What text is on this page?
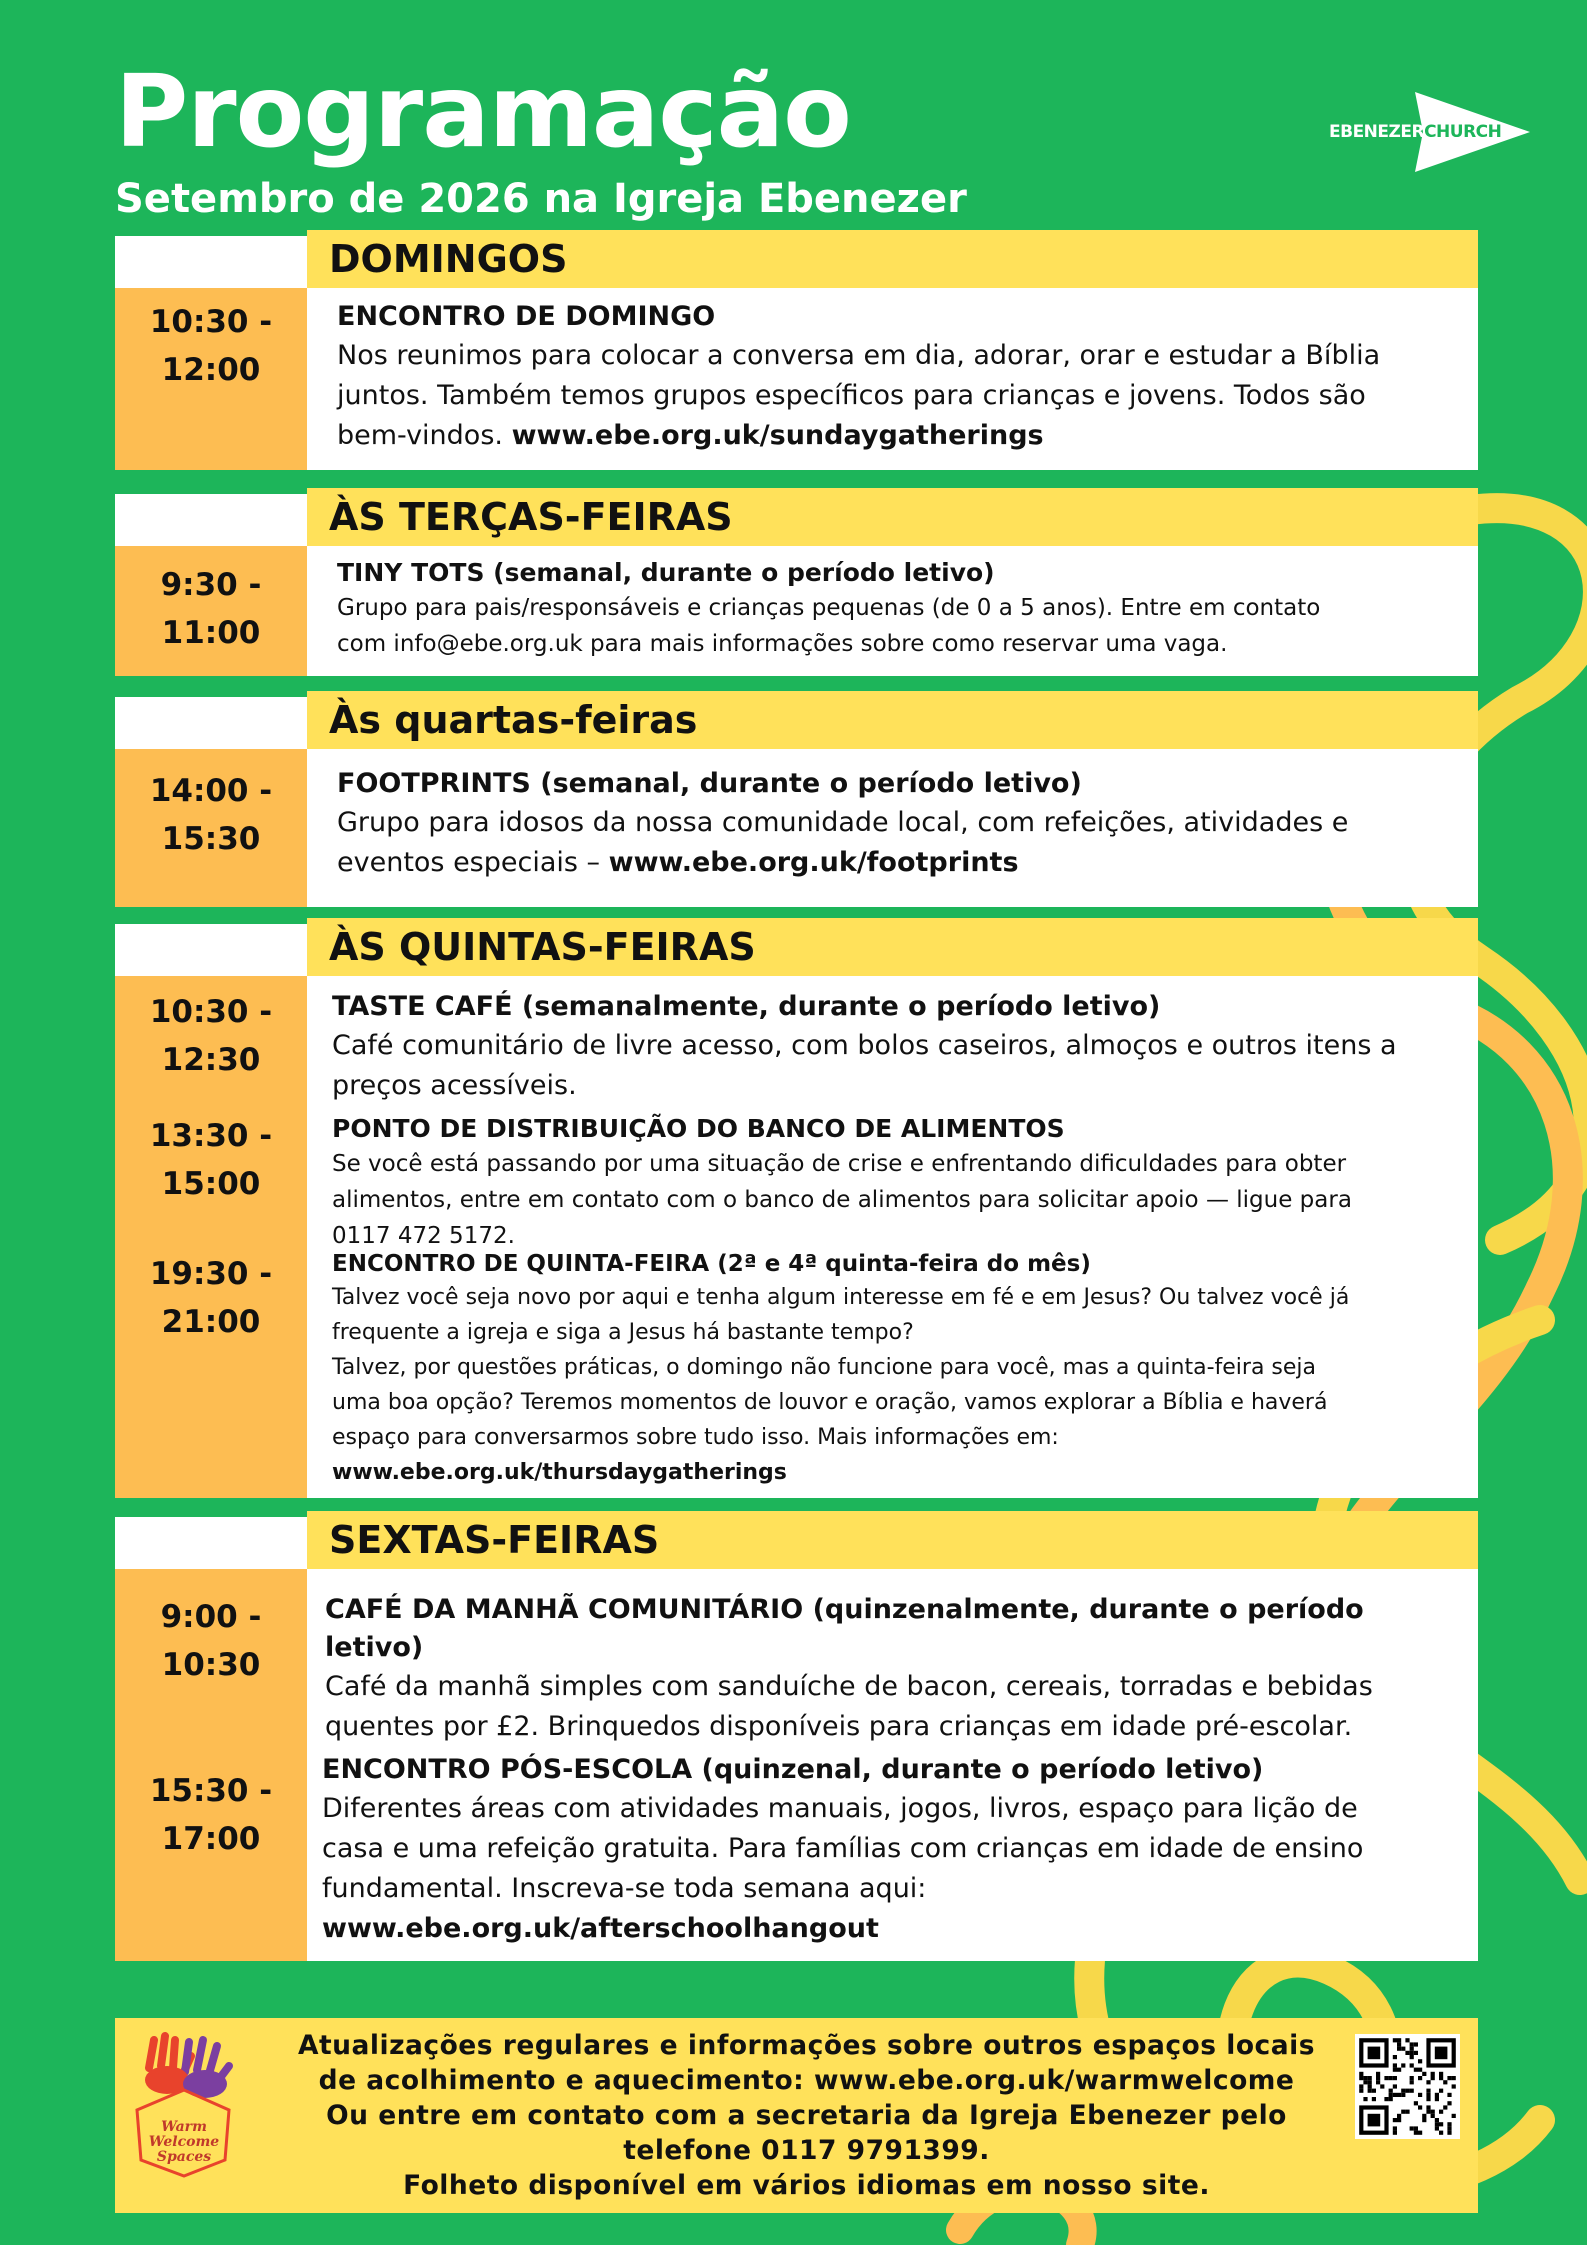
Programação
Setembro de 2026 na Igreja Ebenezer
EBENEZERCHURCH
DOMINGOS
10:30 -
12:00
ENCONTRO DE DOMINGO
Nos reunimos para colocar a conversa em dia, adorar, orar e estudar a Bíblia
juntos. Também temos grupos específicos para crianças e jovens. Todos são
bem-vindos. www.ebe.org.uk/sundaygatherings
ÀS TERÇAS-FEIRAS
9:30 -
11:00
TINY TOTS (semanal, durante o período letivo)
Grupo para pais/responsáveis e crianças pequenas (de 0 a 5 anos). Entre em contato
com info@ebe.org.uk para mais informações sobre como reservar uma vaga.
Às quartas-feiras
14:00 -
15:30
FOOTPRINTS (semanal, durante o período letivo)
Grupo para idosos da nossa comunidade local, com refeições, atividades e
eventos especiais – www.ebe.org.uk/footprints
ÀS QUINTAS-FEIRAS
10:30 -
12:30
13:30 -
15:00
19:30 -
21:00
TASTE CAFÉ (semanalmente, durante o período letivo)
Café comunitário de livre acesso, com bolos caseiros, almoços e outros itens a
preços acessíveis.
PONTO DE DISTRIBUIÇÃO DO BANCO DE ALIMENTOS
Se você está passando por uma situação de crise e enfrentando dificuldades para obter
alimentos, entre em contato com o banco de alimentos para solicitar apoio — ligue para
0117 472 5172.
ENCONTRO DE QUINTA-FEIRA (2ª e 4ª quinta-feira do mês)
Talvez você seja novo por aqui e tenha algum interesse em fé e em Jesus? Ou talvez você já
frequente a igreja e siga a Jesus há bastante tempo?
Talvez, por questões práticas, o domingo não funcione para você, mas a quinta-feira seja
uma boa opção? Teremos momentos de louvor e oração, vamos explorar a Bíblia e haverá
espaço para conversarmos sobre tudo isso. Mais informações em:
www.ebe.org.uk/thursdaygatherings
SEXTAS-FEIRAS
9:00 -
10:30
15:30 -
17:00
CAFÉ DA MANHÃ COMUNITÁRIO (quinzenalmente, durante o período letivo)
Café da manhã simples com sanduíche de bacon, cereais, torradas e bebidas
quentes por £2. Brinquedos disponíveis para crianças em idade pré-escolar.
ENCONTRO PÓS-ESCOLA (quinzenal, durante o período letivo)
Diferentes áreas com atividades manuais, jogos, livros, espaço para lição de
casa e uma refeição gratuita. Para famílias com crianças em idade de ensino
fundamental. Inscreva-se toda semana aqui:
www.ebe.org.uk/afterschoolhangout
Warm
Welcome
Spaces
Atualizações regulares e informações sobre outros espaços locais
de acolhimento e aquecimento: www.ebe.org.uk/warmwelcome
Ou entre em contato com a secretaria da Igreja Ebenezer pelo
telefone 0117 9791399.
Folheto disponível em vários idiomas em nosso site.
